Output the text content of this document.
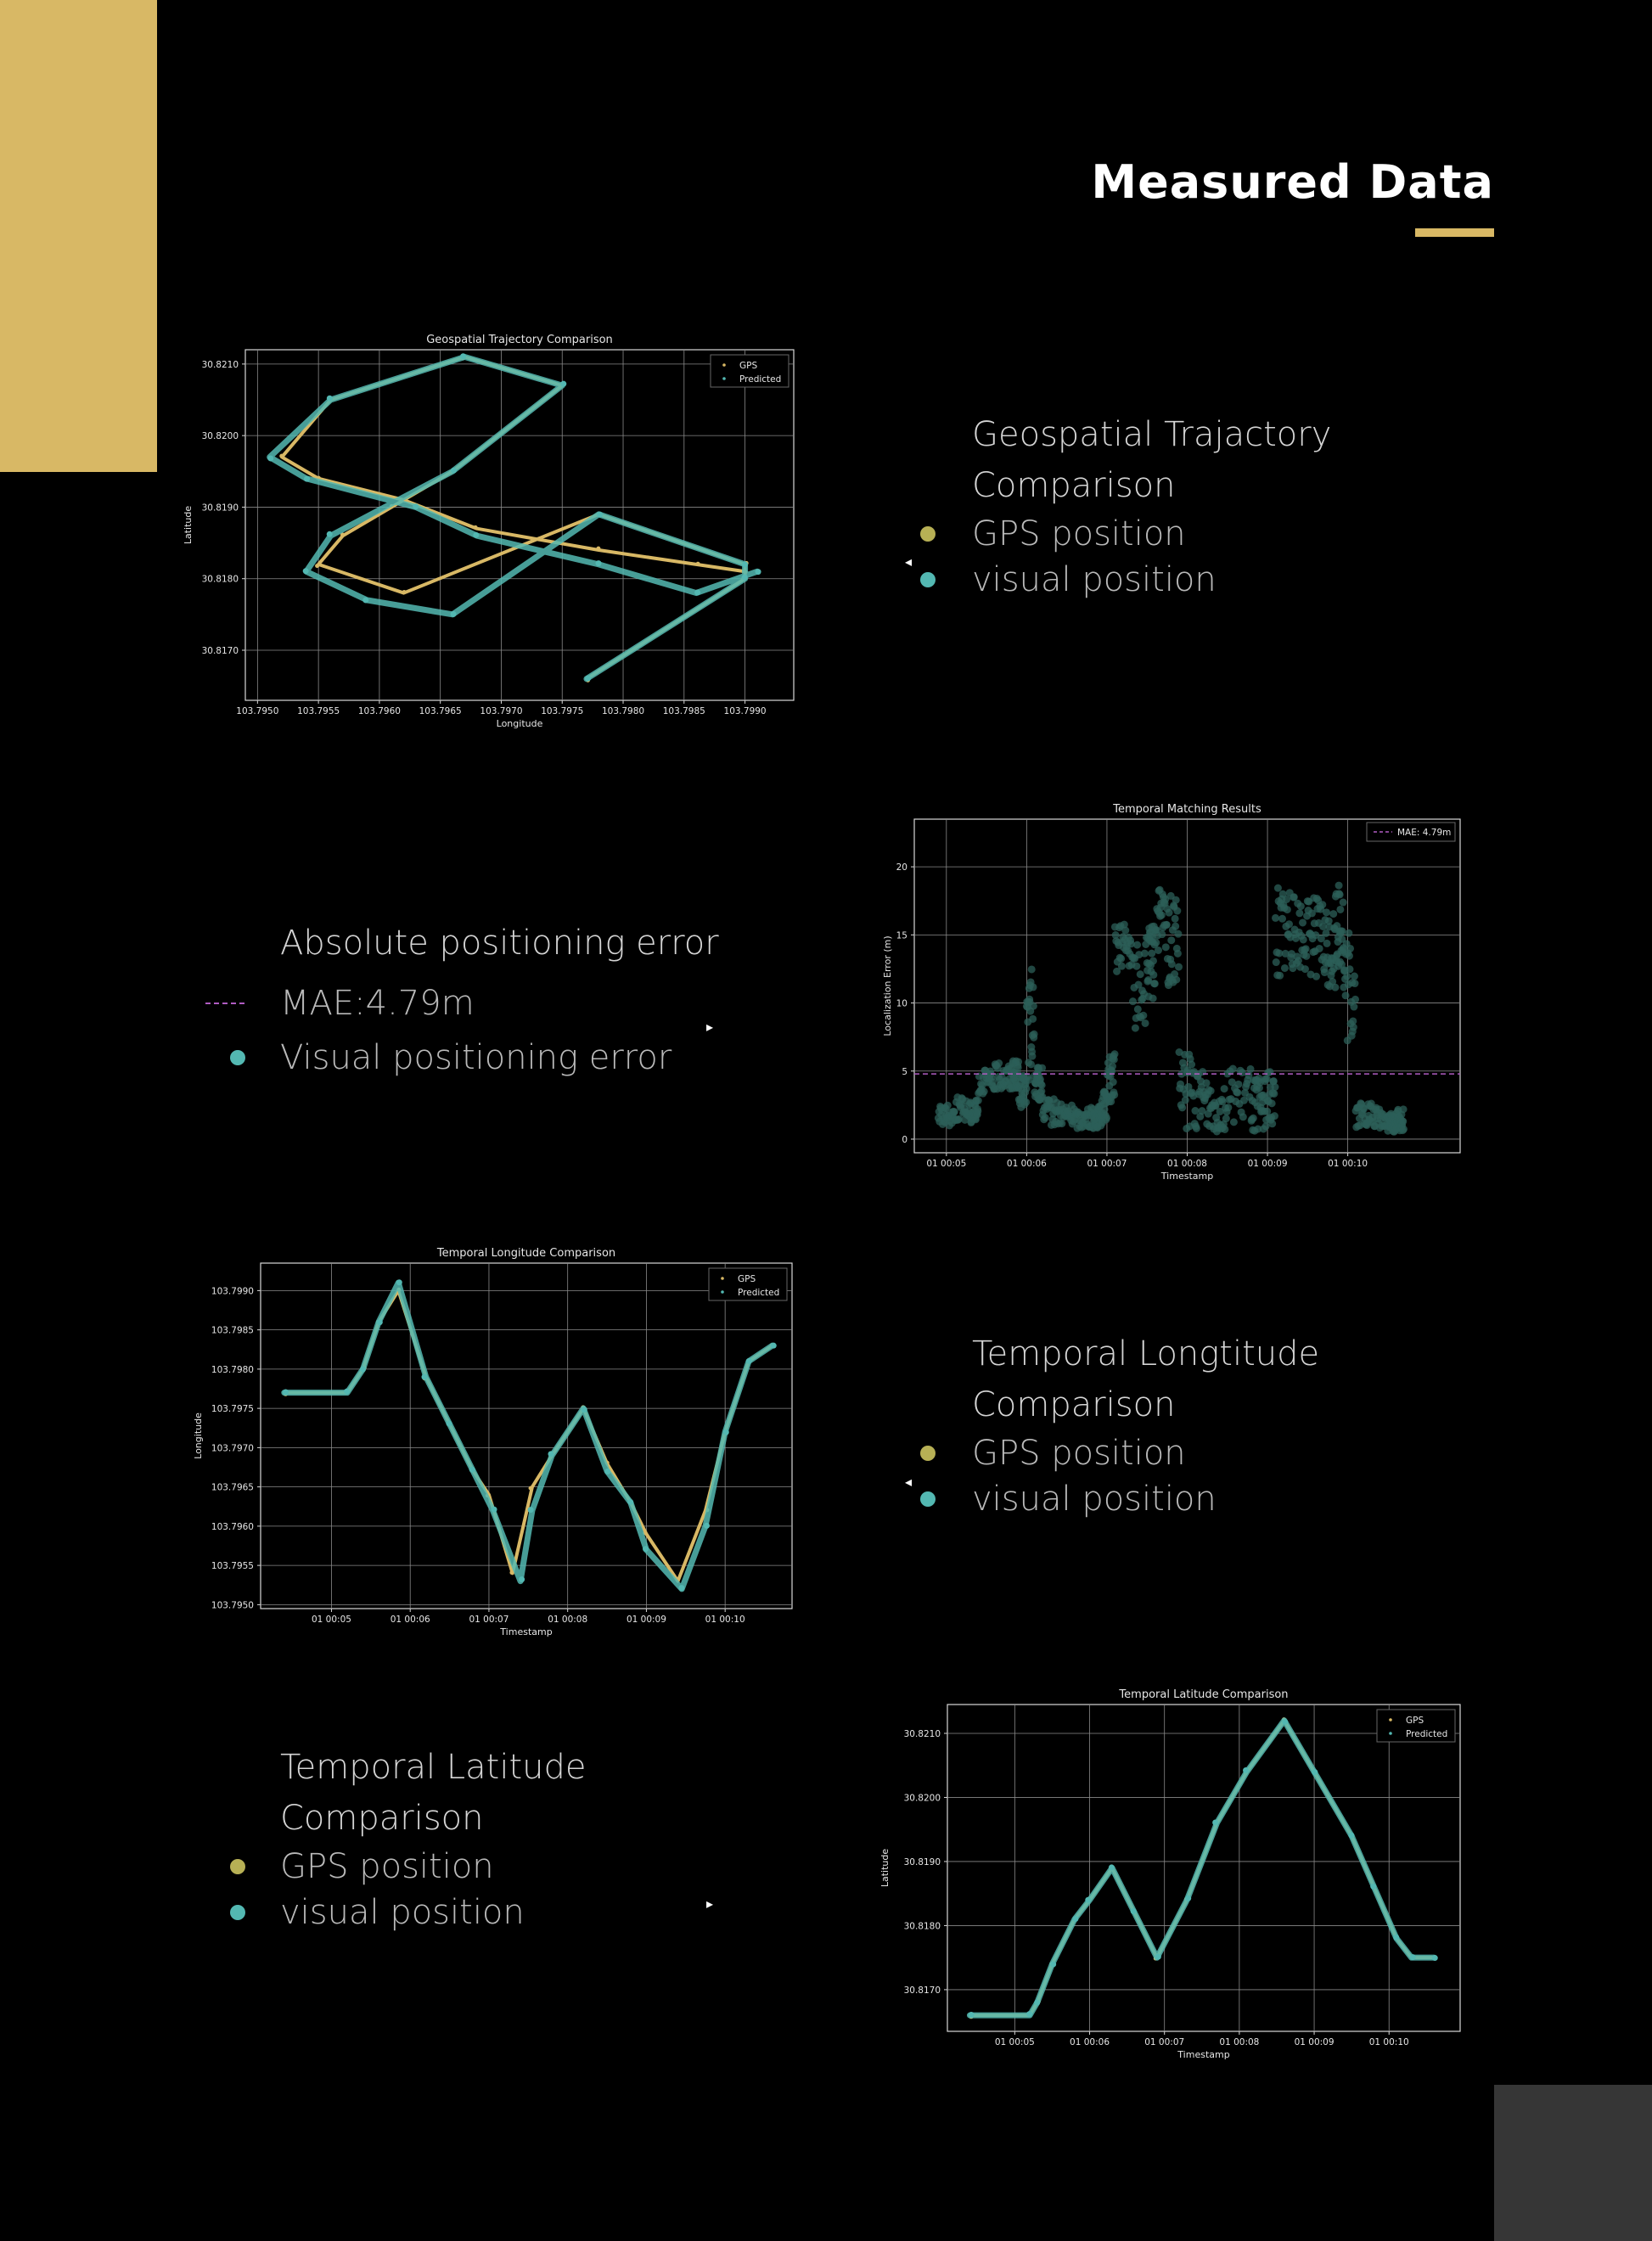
Measured Data
Geospatial Trajectory Comparison
103.7950 103.7955 103.7960 103.7965 103.7970 103.7975 103.7980 103.7985 103.7990
30.8170
30.8180
30.8190
30.8200
30.8210
Longitude
Latitude
GPS
Predicted
Temporal Matching Results
01 00:05	01 00:06	01 00:07	01 00:08	01 00:09	01 00:10
0
5
10
15
20
Timestamp
Localization Error (m)
MAE: 4.79m
Temporal Longitude Comparison
01 00:05	01 00:06	01 00:07	01 00:08	01 00:09	01 00:10
103.7950
103.7955
103.7960
103.7965
103.7970
103.7975
103.7980
103.7985
103.7990
Timestamp
Longitude
GPS
Predicted
Temporal Latitude Comparison
01 00:05	01 00:06	01 00:07	01 00:08	01 00:09	01 00:10
30.8170
30.8180
30.8190
30.8200
30.8210
Timestamp
Latitude
GPS
Predicted
◂
Geospatial Trajactory
Comparison
GPS position
visual position
Absolute positioning error
MAE:4.79m
Visual positioning error
▸
◂
Temporal Longtitude
Comparison
GPS position
visual position
Temporal Latitude
Comparison
GPS position
visual position	▸
